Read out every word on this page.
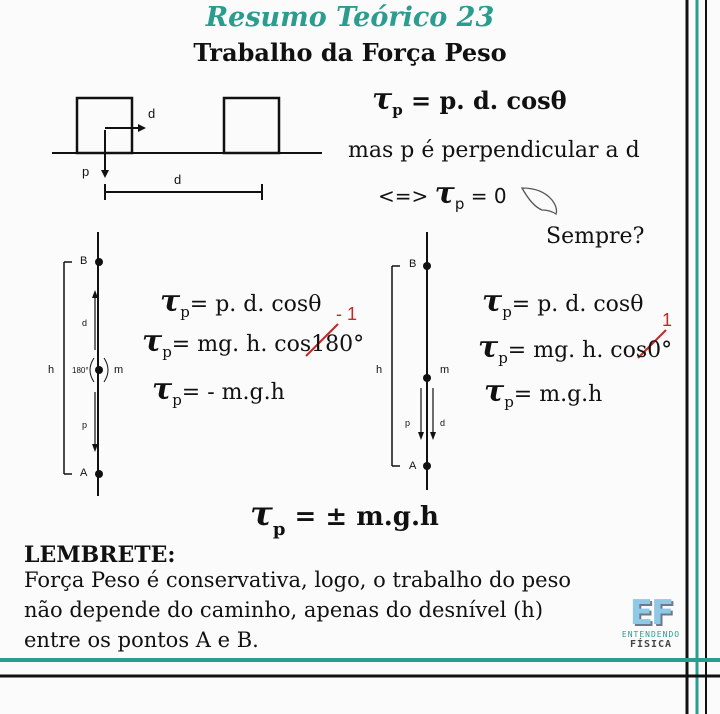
Resumo Teórico 23
Trabalho da Força Peso
d
p
d
$\tau_p = p$. d. cosθ
mas p é perpendicular a d
<=> $\tau_p = 0$
Sempre?
B
A
h	m
180°
d
p
$\tau_p= p$. d. cosθ
$\tau_p=$ mg. h. cos180°
- 1
$\tau_p= - m.g.h$
B
A
h	m
p	d
$\tau_p= p$. d. cosθ
$\tau_p=$ mg. h. cos0°
1
$\tau_p= m.g.h$
$\tau_p$ = ± m.g.h
LEMBRETE:
Força Peso é conservativa, logo, o trabalho do peso
não depende do caminho, apenas do desnível (h)
entre os pontos A e B.
EF
ENTENDENDO
FÍSICA
